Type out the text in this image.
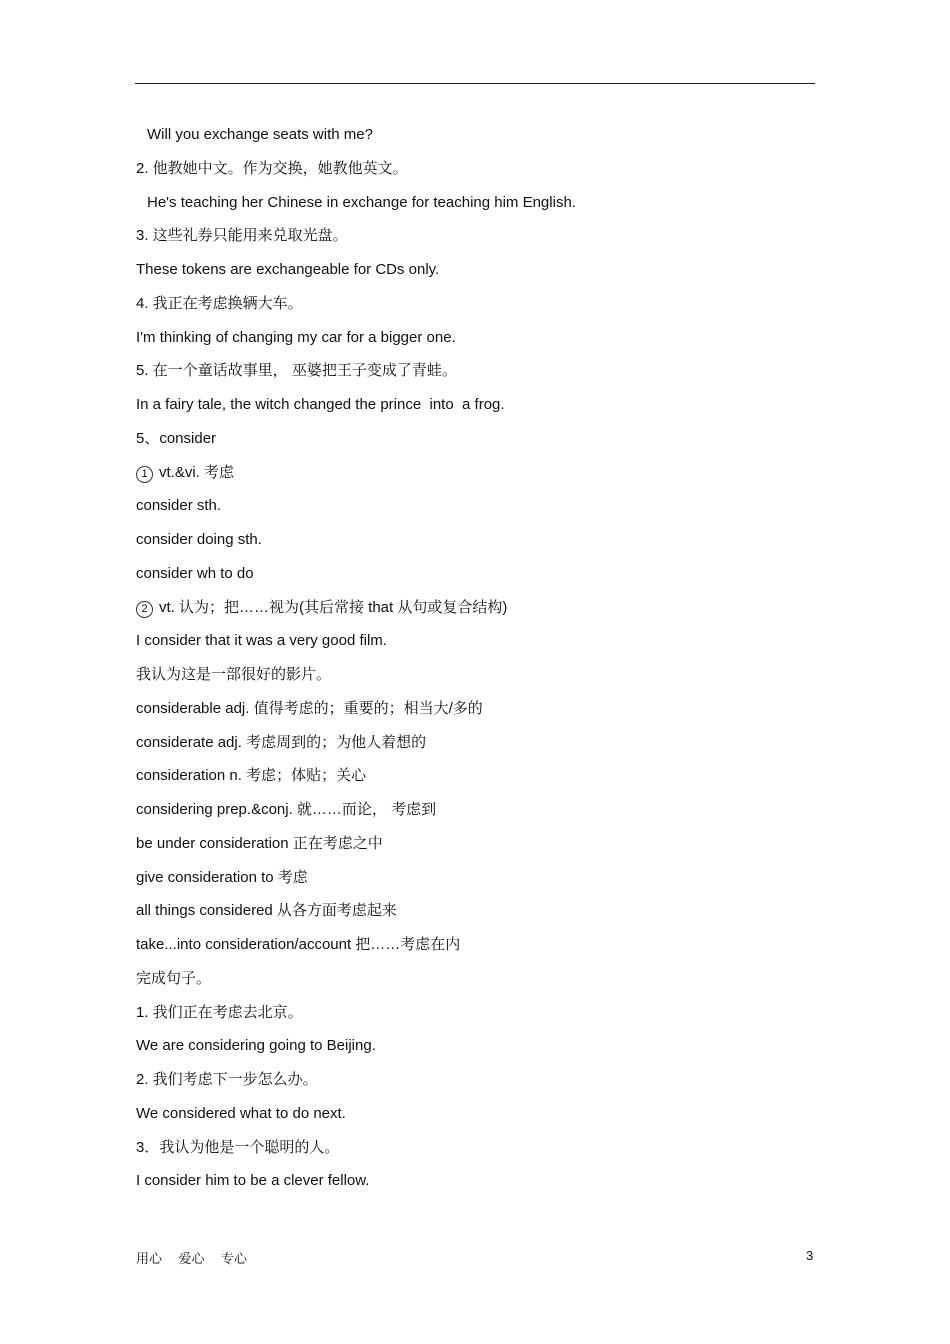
Will you exchange seats with me?
2. 他教她中文。作为交换，她教他英文。
He's teaching her Chinese in exchange for teaching him English.
3. 这些礼券只能用来兑取光盘。
These tokens are exchangeable for CDs only.
4. 我正在考虑换辆大车。
I'm thinking of changing my car for a bigger one.
5. 在一个童话故事里， 巫婆把王子变成了青蛙。
In a fairy tale, the witch changed the prince  into  a frog.
5、consider
1 vt.&vi. 考虑
consider sth.
consider doing sth.
consider wh to do
2 vt. 认为；把……视为(其后常接 that 从句或复合结构)
I consider that it was a very good film.
我认为这是一部很好的影片。
considerable adj. 值得考虑的；重要的；相当大/多的
considerate adj. 考虑周到的；为他人着想的
consideration n. 考虑；体贴；关心
considering prep.&conj. 就……而论， 考虑到
be under consideration 正在考虑之中
give consideration to 考虑
all things considered 从各方面考虑起来
take...into consideration/account 把……考虑在内
完成句子。
1. 我们正在考虑去北京。
We are considering going to Beijing.
2. 我们考虑下一步怎么办。
We considered what to do next.
3．我认为他是一个聪明的人。
I consider him to be a clever fellow.
用心    爱心    专心	3
